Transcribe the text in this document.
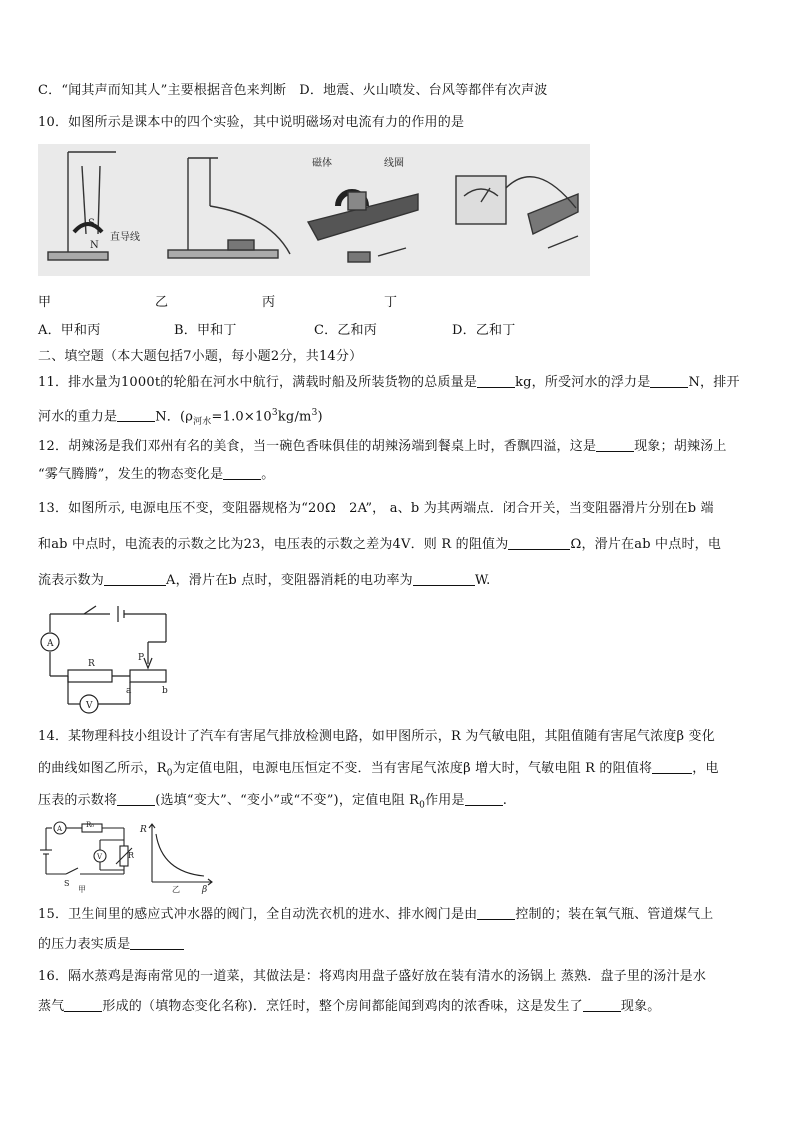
C．“闻其声而知其人”主要根据音色来判断 D．地震、火山喷发、台风等都伴有次声波
10．如图所示是课本中的四个实验，其中说明磁场对电流有力的作用的是
S
N
直导线
磁体	线圈
甲	乙	丙	丁
A．甲和丙	B．甲和丁	C．乙和丙	D．乙和丁
二、填空题（本大题包括7小题，每小题2分，共14分）
11．排水量为1000t的轮船在河水中航行，满载时船及所装货物的总质量是	kg，所受河水的浮力是	N，排开
河水的重力是	N．$(\rho_{河水}=1.0\times 10^3kg/m^3)$
12．胡辣汤是我们邓州有名的美食，当一碗色香味俱佳的胡辣汤端到餐桌上时，香飘四溢，这是	现象；胡辣汤上
“雾气腾腾”，发生的物态变化是	。
13．如图所示, 电源电压不变，变阻器规格为“20Ω　2A”， a、b 为其两端点．闭合开关，当变阻器滑片分别在b 端
和ab 中点时，电流表的示数之比为23，电压表的示数之差为4V．则 R 的阻值为	Ω，滑片在ab 中点时，电
流表示数为	A，滑片在b 点时，变阻器消耗的电功率为	W.
A
R
P
a	b
V
14．某物理科技小组设计了汽车有害尾气排放检测电路，如甲图所示，R 为气敏电阻，其阻值随有害尾气浓度β 变化
的曲线如图乙所示，$R_0$为定值电阻，电源电压恒定不变．当有害尾气浓度β 增大时，气敏电阻 R 的阻值将	，电
压表的示数将	(选填“变大”、“变小”或“不变”)，定值电阻 $R_0$作用是	.
A
R₀
V	R
S
甲
R
β
乙
15．卫生间里的感应式冲水器的阀门，全自动洗衣机的进水、排水阀门是由	控制的；装在氧气瓶、管道煤气上
的压力表实质是
16．隔水蒸鸡是海南常见的一道菜，其做法是：将鸡肉用盘子盛好放在装有清水的汤锅上 蒸熟．盘子里的汤汁是水
蒸气	形成的（填物态变化名称)．烹饪时，整个房间都能闻到鸡肉的浓香味，这是发生了	现象。
